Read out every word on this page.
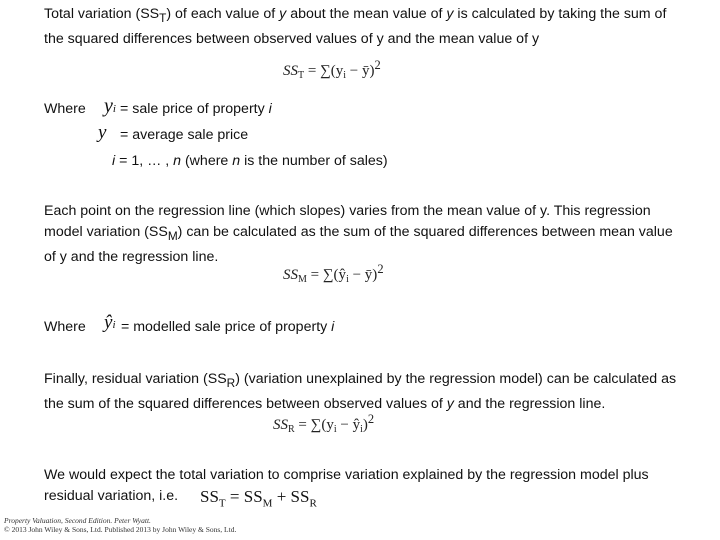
Total variation $(SS_T)$ of each value of y about the mean value of y is calculated by taking the sum of the squared differences between observed values of y and the mean value of y
$SS_T = \sum(y_i$ − ȳ)$^2$
Where yi = sale price of property i
y = average sale price
i = 1, … , n (where n is the number of sales)
Each point on the regression line (which slopes) varies from the mean value of y. This regression model variation $(SS_M)$ can be calculated as the sum of the squared differences between mean value of y and the regression line.
$SS_M$ = $\sum(ŷ_i$ − ȳ)$^2$
Where ŷi = modelled sale price of property i
Finally, residual variation $(SS_R)$ (variation unexplained by the regression model) can be calculated as the sum of the squared differences between observed values of y and the regression line.
$SS_R = \sum(y_i$ − $ŷ_i)^2$
We would expect the total variation to comprise variation explained by the regression model plus residual variation, i.e.	$SS_T = SS_M + SS_R$
Property Valuation, Second Edition. Peter Wyatt.
© 2013 John Wiley & Sons, Ltd. Published 2013 by John Wiley & Sons, Ltd.
